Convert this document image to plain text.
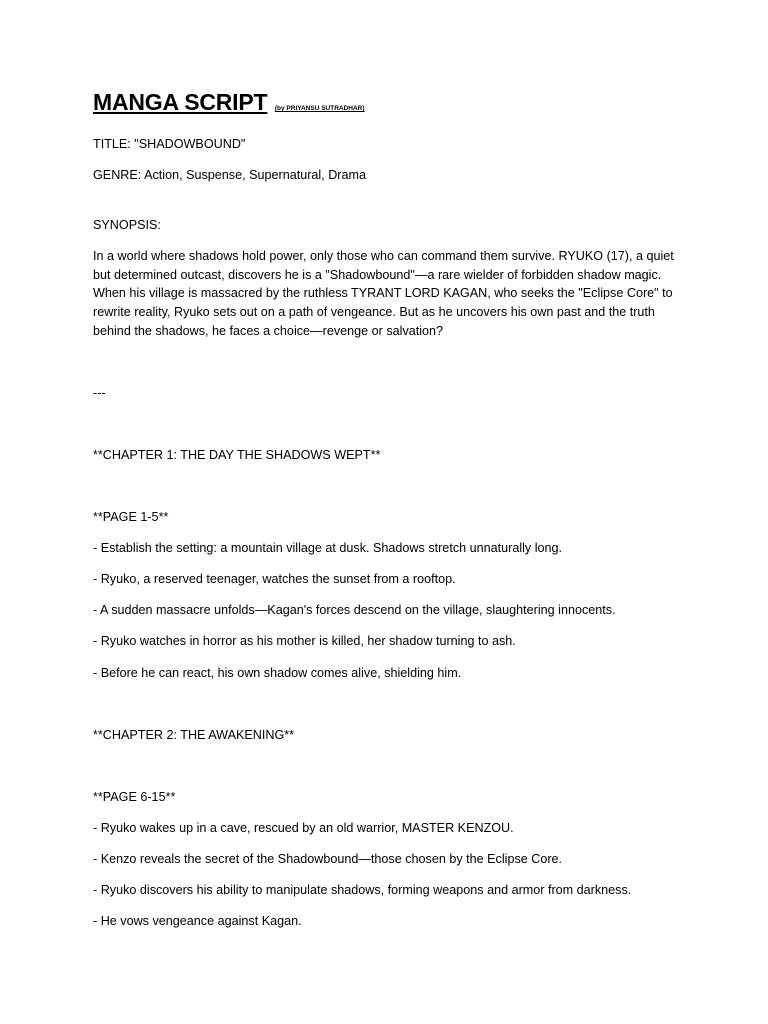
MANGA SCRIPT (by PRIYANSU SUTRADHAR)

TITLE: "SHADOWBOUND"

GENRE: Action, Suspense, Supernatural, Drama

SYNOPSIS:

In a world where shadows hold power, only those who can command them survive. RYUKO (17), a quiet but determined outcast, discovers he is a "Shadowbound"—a rare wielder of forbidden shadow magic. When his village is massacred by the ruthless TYRANT LORD KAGAN, who seeks the "Eclipse Core" to rewrite reality, Ryuko sets out on a path of vengeance. But as he uncovers his own past and the truth behind the shadows, he faces a choice—revenge or salvation?

---

**CHAPTER 1: THE DAY THE SHADOWS WEPT**

**PAGE 1-5**

- Establish the setting: a mountain village at dusk. Shadows stretch unnaturally long.

- Ryuko, a reserved teenager, watches the sunset from a rooftop.

- A sudden massacre unfolds—Kagan's forces descend on the village, slaughtering innocents.

- Ryuko watches in horror as his mother is killed, her shadow turning to ash.

- Before he can react, his own shadow comes alive, shielding him.

**CHAPTER 2: THE AWAKENING**

**PAGE 6-15**

- Ryuko wakes up in a cave, rescued by an old warrior, MASTER KENZOU.

- Kenzo reveals the secret of the Shadowbound—those chosen by the Eclipse Core.

- Ryuko discovers his ability to manipulate shadows, forming weapons and armor from darkness.

- He vows vengeance against Kagan.
